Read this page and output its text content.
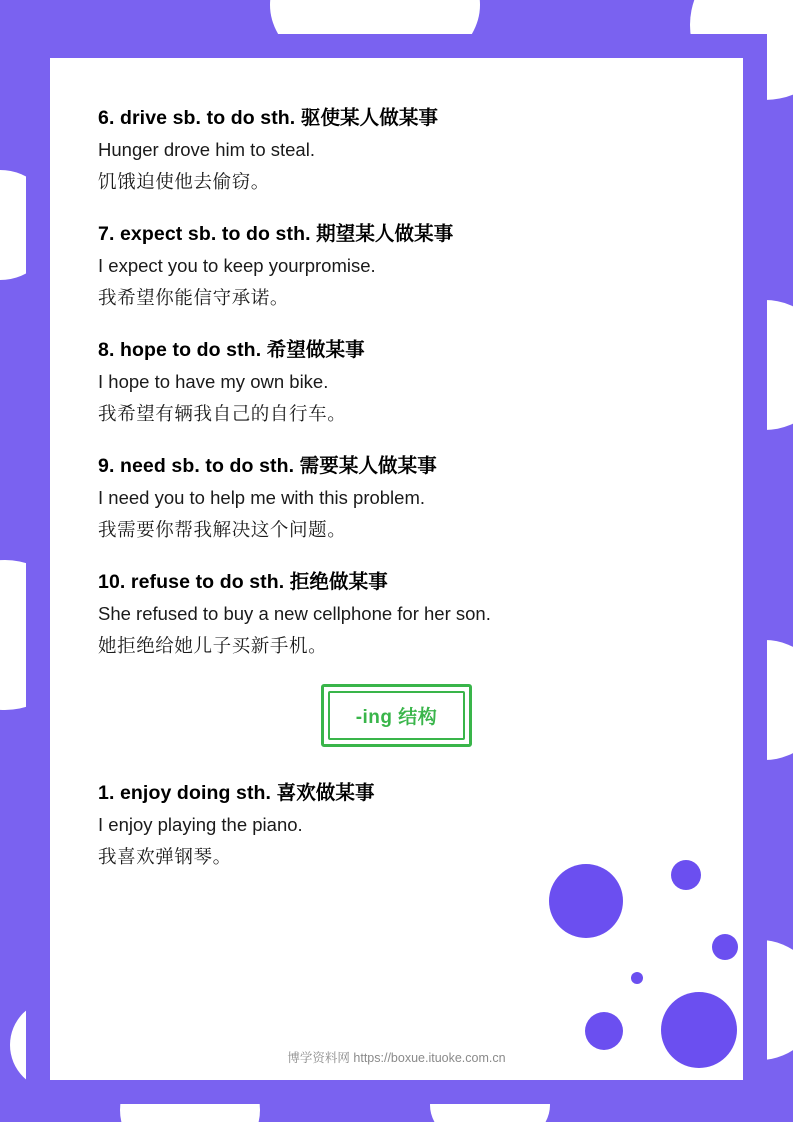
6. drive sb. to do sth. 驱使某人做某事

Hunger drove him to steal.

饥饿迫使他去偷窃。

7. expect sb. to do sth. 期望某人做某事

I expect you to keep yourpromise.

我希望你能信守承诺。

8. hope to do sth. 希望做某事

I hope to have my own bike.

我希望有辆我自己的自行车。

9. need sb. to do sth. 需要某人做某事

I need you to help me with this problem.

我需要你帮我解决这个问题。

10. refuse to do sth. 拒绝做某事

She refused to buy a new cellphone for her son.

她拒绝给她儿子买新手机。

-ing 结构

1. enjoy doing sth. 喜欢做某事

I enjoy playing the piano.

我喜欢弹钢琴。

博学资料网 https://boxue.ituoke.com.cn
